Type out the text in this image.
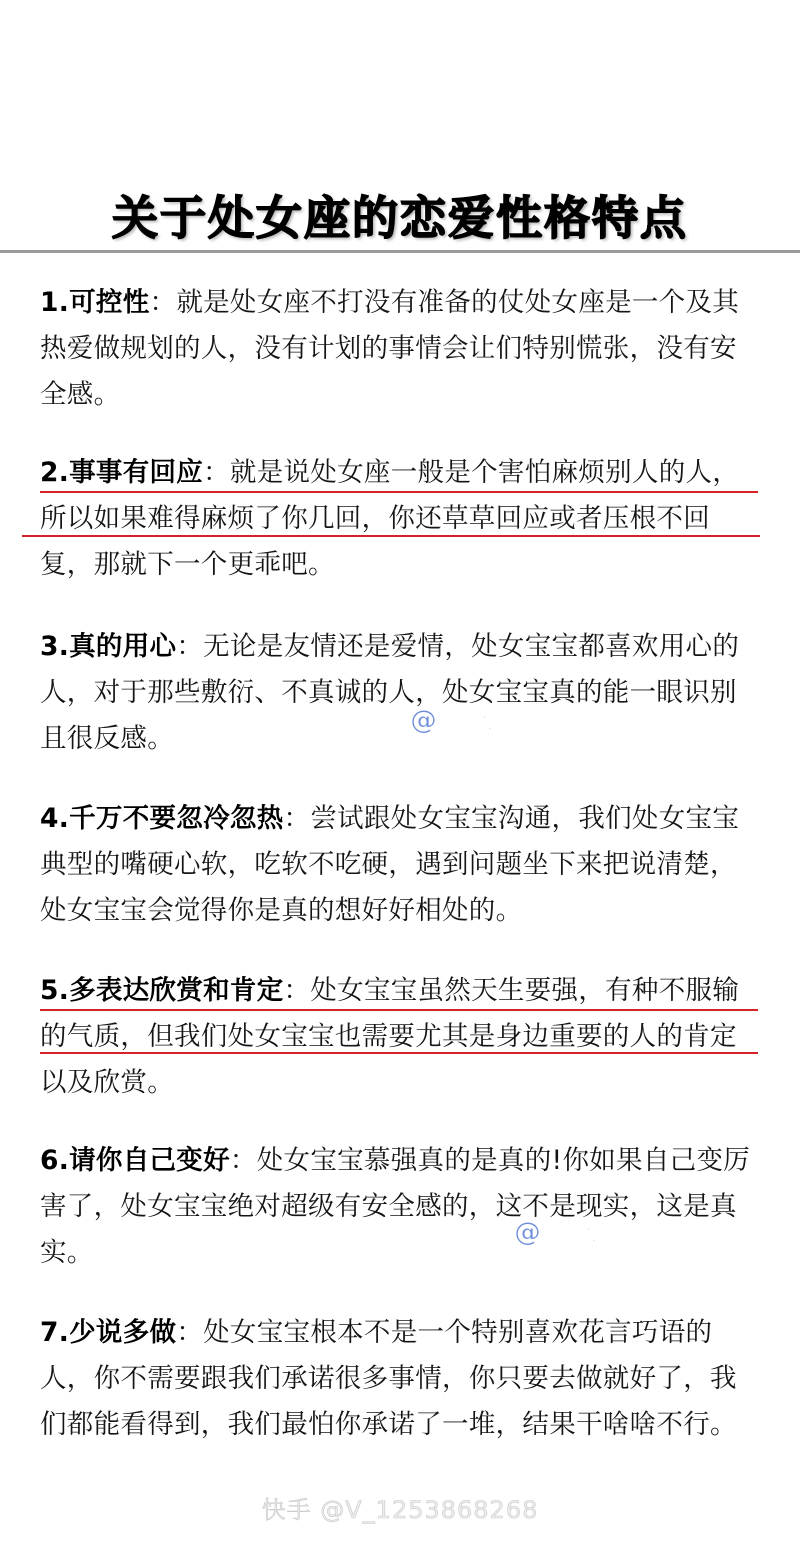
关于处女座的恋爱性格特点

1.可控性：就是处女座不打没有准备的仗处女座是一个及其热爱做规划的人，没有计划的事情会让们特别慌张，没有安全感。

2.事事有回应：就是说处女座一般是个害怕麻烦别人的人，所以如果难得麻烦了你几回，你还草草回应或者压根不回复，那就下一个更乖吧。

3.真的用心：无论是友情还是爱情，处女宝宝都喜欢用心的人，对于那些敷衍、不真诚的人，处女宝宝真的能一眼识别且很反感。

4.千万不要忽冷忽热：尝试跟处女宝宝沟通，我们处女宝宝典型的嘴硬心软，吃软不吃硬，遇到问题坐下来把说清楚，处女宝宝会觉得你是真的想好好相处的。

5.多表达欣赏和肯定：处女宝宝虽然天生要强，有种不服输的气质，但我们处女宝宝也需要尤其是身边重要的人的肯定以及欣赏。

6.请你自己变好：处女宝宝慕强真的是真的!你如果自己变厉害了，处女宝宝绝对超级有安全感的，这不是现实，这是真实。

7.少说多做：处女宝宝根本不是一个特别喜欢花言巧语的人，你不需要跟我们承诺很多事情，你只要去做就好了，我们都能看得到，我们最怕你承诺了一堆，结果干啥啥不行。

@知欣星座馆
@知欣星座馆
快手 @V_1253868268
